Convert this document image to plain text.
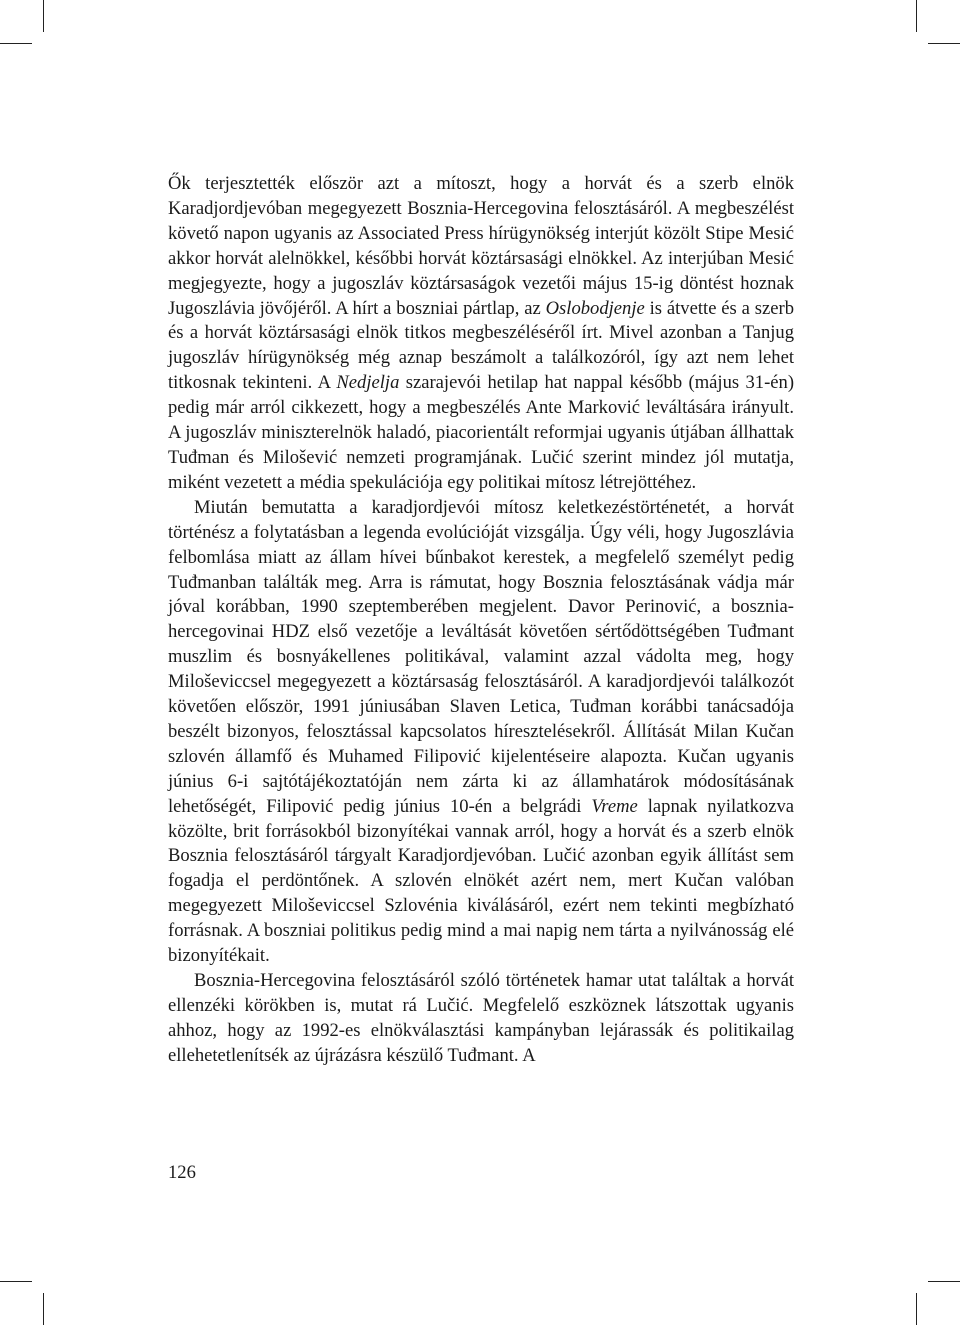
Ők terjesztették először azt a mítoszt, hogy a horvát és a szerb elnök Karadjordjevóban megegyezett Bosznia-Hercegovina felosztásáról. A megbeszélést követő napon ugyanis az Associated Press hírügynökség interjút közölt Stipe Mesić akkor horvát alelnökkel, későbbi horvát köztársasági elnökkel. Az interjúban Mesić megjegyezte, hogy a jugoszláv köztársaságok vezetői május 15-ig döntést hoznak Jugoszlávia jövőjéről. A hírt a boszniai pártlap, az Oslobodjenje is átvette és a szerb és a horvát köztársasági elnök titkos megbeszéléséről írt. Mivel azonban a Tanjug jugoszláv hírügynökség még aznap beszámolt a találkozóról, így azt nem lehet titkosnak tekinteni. A Nedjelja szarajevói hetilap hat nappal később (május 31-én) pedig már arról cikkezett, hogy a megbeszélés Ante Marković leváltására irányult. A jugoszláv miniszterelnök haladó, piacorientált reformjai ugyanis útjában állhattak Tuđman és Milošević nemzeti programjának. Lučić szerint mindez jól mutatja, miként vezetett a média spekulációja egy politikai mítosz létrejöttéhez.

Miután bemutatta a karadjordjevói mítosz keletkezéstörténetét, a horvát történész a folytatásban a legenda evolúcióját vizsgálja. Úgy véli, hogy Jugoszlávia felbomlása miatt az állam hívei bűnbakot kerestek, a megfelelő személyt pedig Tuđmanban találták meg. Arra is rámutat, hogy Bosznia felosztásának vádja már jóval korábban, 1990 szeptemberében megjelent. Davor Perinović, a bosznia-hercegovinai HDZ első vezetője a leváltását követően sértődöttségében Tuđmant muszlim és bosnyákellenes politikával, valamint azzal vádolta meg, hogy Miloševiccsel megegyezett a köztársaság felosztásáról. A karadjordjevói találkozót követően először, 1991 júniusában Slaven Letica, Tuđman korábbi tanácsadója beszélt bizonyos, felosztással kapcsolatos híresztelésekről. Állítását Milan Kučan szlovén államfő és Muhamed Filipović kijelentéseire alapozta. Kučan ugyanis június 6-i sajtótájékoztatóján nem zárta ki az államhatárok módosításának lehetőségét, Filipović pedig június 10-én a belgrádi Vreme lapnak nyilatkozva közölte, brit forrásokból bizonyítékai vannak arról, hogy a horvát és a szerb elnök Bosznia felosztásáról tárgyalt Karadjordjevóban. Lučić azonban egyik állítást sem fogadja el perdöntőnek. A szlovén elnökét azért nem, mert Kučan valóban megegyezett Miloševiccsel Szlovénia kiválásáról, ezért nem tekinti megbízható forrásnak. A boszniai politikus pedig mind a mai napig nem tárta a nyilvánosság elé bizonyítékait.

Bosznia-Hercegovina felosztásáról szóló történetek hamar utat találtak a horvát ellenzéki körökben is, mutat rá Lučić. Megfelelő eszköznek látszottak ugyanis ahhoz, hogy az 1992-es elnökválasztási kampányban lejárassák és politikailag ellehetetlenítsék az újrázásra készülő Tuđmant. A

126
